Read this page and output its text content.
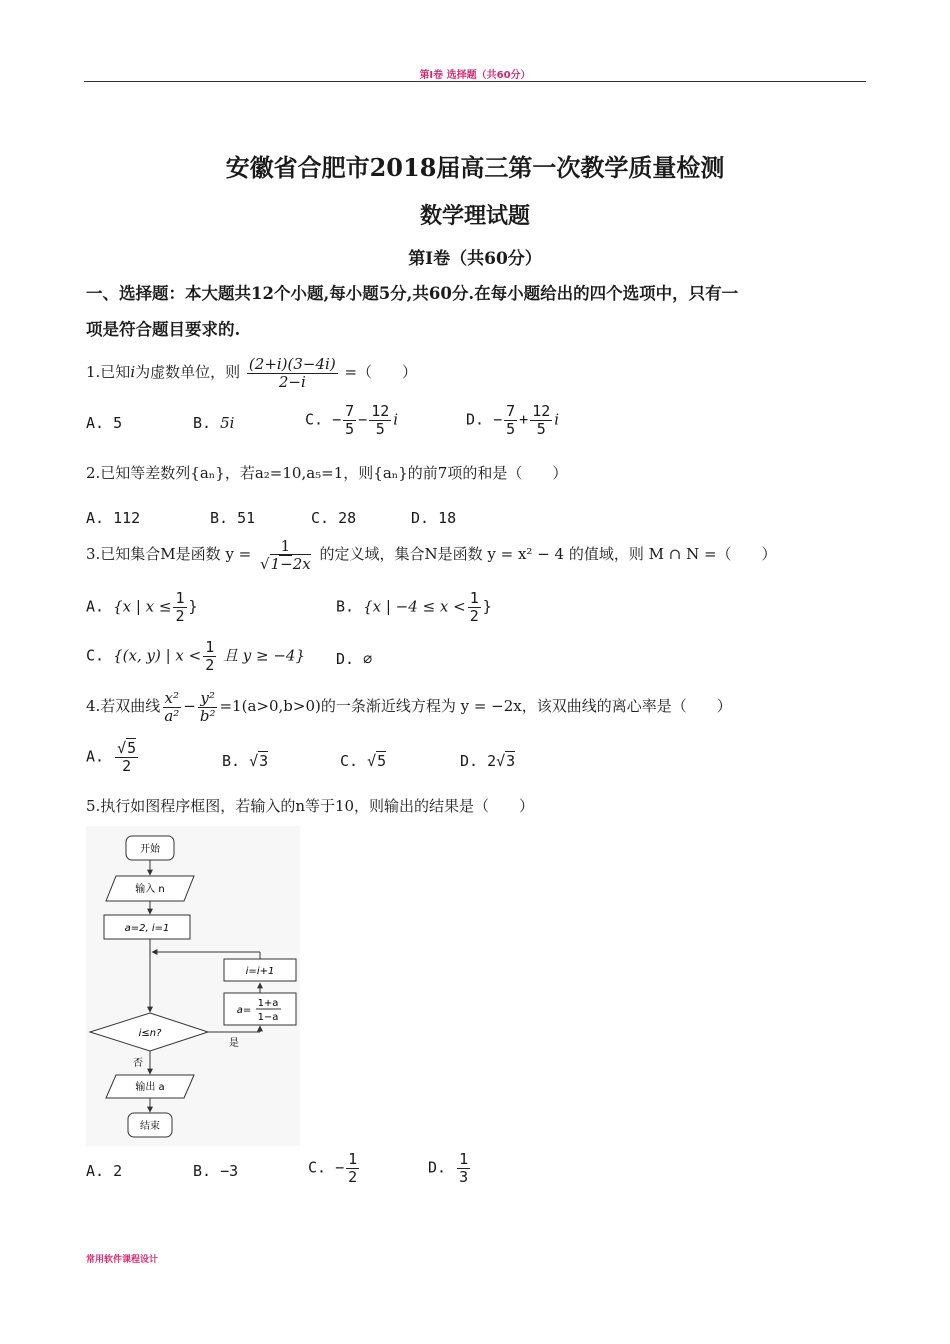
第Ⅰ卷 选择题（共60分）
安徽省合肥市2018届高三第一次教学质量检测
数学理试题
第Ⅰ卷（共60分）
一、选择题：本大题共12个小题,每小题5分,共60分.在每小题给出的四个选项中，只有一
项是符合题目要求的.
1.已知i为虚数单位，则 $\frac{(2+i)(3-4i)}{2-i}$ =（　　）
A. 5	B. 5i	C. − $\frac{7}{5} - \frac{12}{5}$ i	D. − $\frac{7}{5} + \frac{12}{5}$ i
2.已知等差数列{aₙ}，若a₂=10,a₅=1，则{aₙ}的前7项的和是（　　）
A. 112	B. 51	C. 28	D. 18
3.已知集合M是函数 $y = \frac{1}{√1-2x}$ 的定义域，集合N是函数 y = x² − 4 的值域，则 M ∩ N =（　　）
A. {x | $x \le \frac{1}{2}$ }	B. {x | $-4 \le x < \frac{1}{2}$ }
C. {(x, y) | $x < \frac{1}{2}$ 且 y ≥ −4} D. ∅
4.若双曲线 $\frac{\text{x²}}{\text{a²}} - \frac{\text{y²}}{\text{b²}} =1(a>0,b>0)$的一条渐近线方程为 y = −2x，该双曲线的离心率是（　　）
A. $\frac{√5}{2}$	B. √3	C. √5	D. 2√3
5.执行如图程序框图，若输入的n等于10，则输出的结果是（　　）
开始
输入 n
a=2, i=1
i=i+1
a=
1+a
1−a
i≤n?
是
否
输出 a
结束
A. 2	B. −3	C. − $\frac{1}{2}$	D. $\frac{1}{3}$
常用软件课程设计
